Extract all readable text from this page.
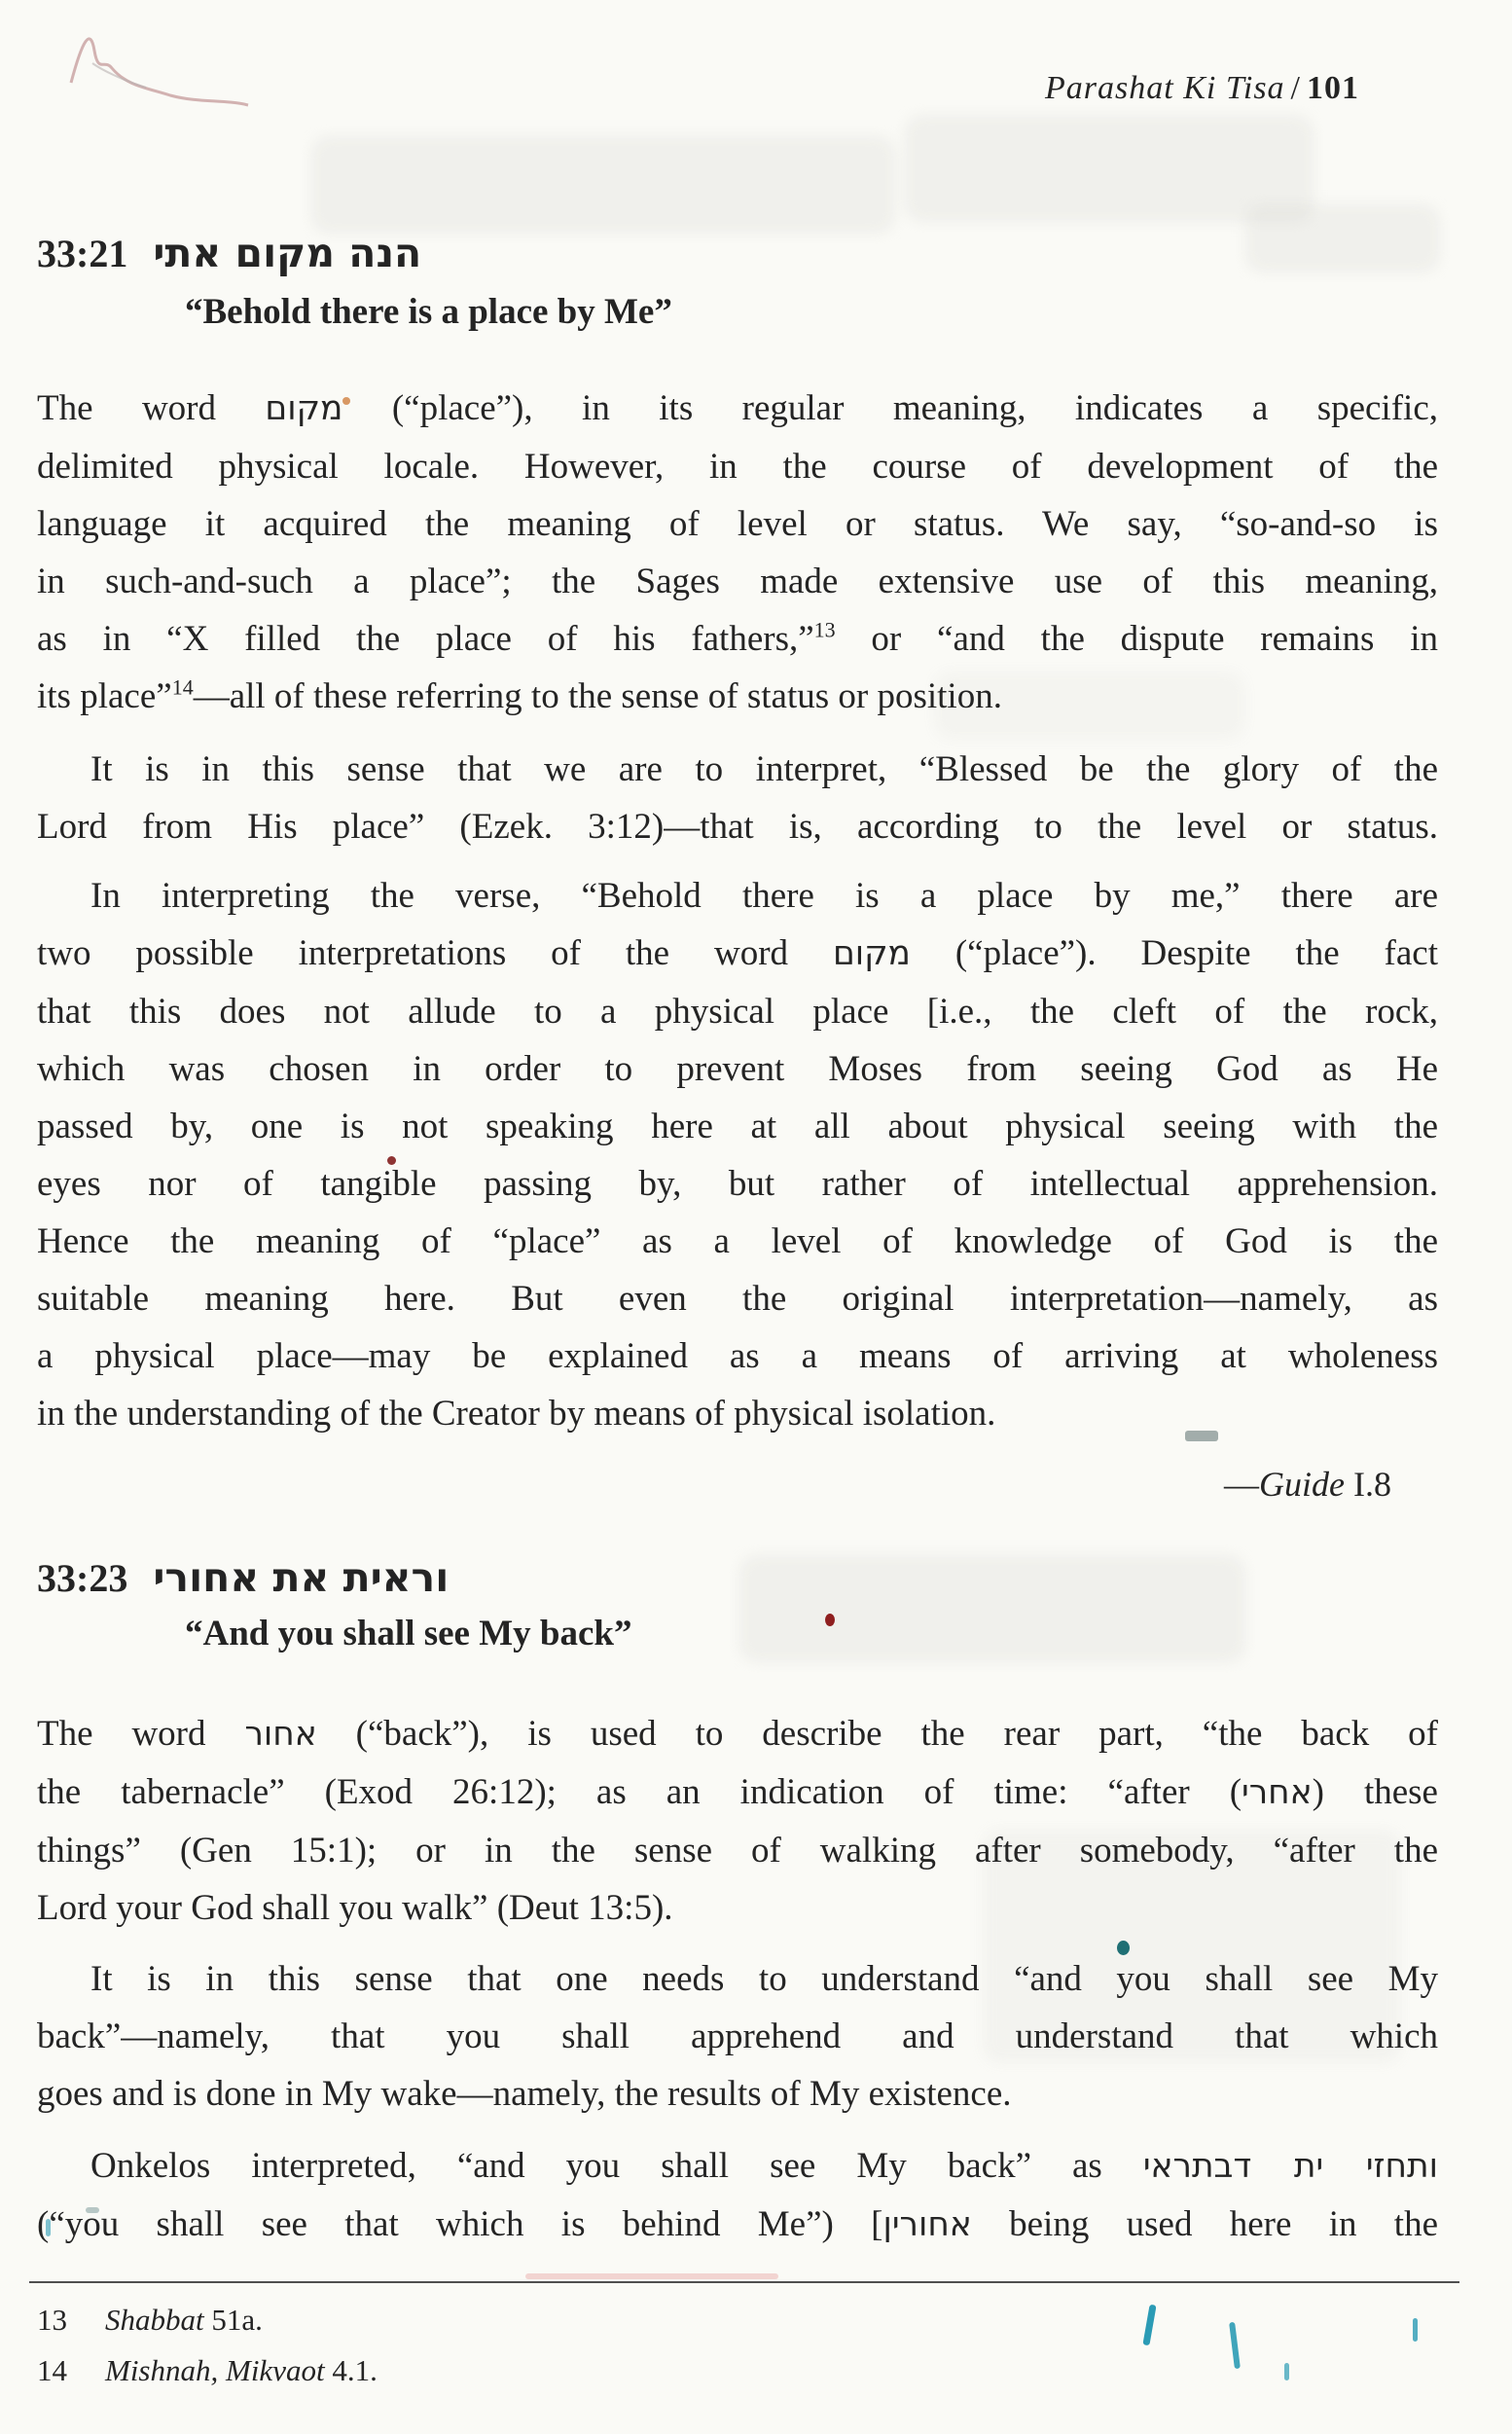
Parashat Ki Tisa / 101
33:21 הנה מקום אתי
“Behold there is a place by Me”
The word מקום (“place”), in its regular meaning, indicates a specific,
delimited physical locale. However, in the course of development of the
language it acquired the meaning of level or status. We say, “so-and-so is
in such-and-such a place”; the Sages made extensive use of this meaning,
as in “X filled the place of his fathers,”$^{13}$ or “and the dispute remains in
its place”$^{14}$—all of these referring to the sense of status or position.
It is in this sense that we are to interpret, “Blessed be the glory of the
Lord from His place” (Ezek. 3:12)—that is, according to the level or status.
In interpreting the verse, “Behold there is a place by me,” there are
two possible interpretations of the word מקום (“place”). Despite the fact
that this does not allude to a physical place [i.e., the cleft of the rock,
which was chosen in order to prevent Moses from seeing God as He
passed by, one is not speaking here at all about physical seeing with the
eyes nor of tangible passing by, but rather of intellectual apprehension.
Hence the meaning of “place” as a level of knowledge of God is the
suitable meaning here. But even the original interpretation—namely, as
a physical place—may be explained as a means of arriving at wholeness
in the understanding of the Creator by means of physical isolation.
—Guide I.8
33:23 וראית את אחורי
“And you shall see My back”
The word אחור (“back”), is used to describe the rear part, “the back of
the tabernacle” (Exod 26:12); as an indication of time: “after (אחרי) these
things” (Gen 15:1); or in the sense of walking after somebody, “after the
Lord your God shall you walk” (Deut 13:5).
It is in this sense that one needs to understand “and you shall see My
back”—namely, that you shall apprehend and understand that which
goes and is done in My wake—namely, the results of My existence.
Onkelos interpreted, “and you shall see My back” as ותחזי ית דבתראי
(“you shall see that which is behind Me”) [אחורין being used here in the
13	Shabbat 51a.
14	Mishnah, Mikvaot 4.1.
